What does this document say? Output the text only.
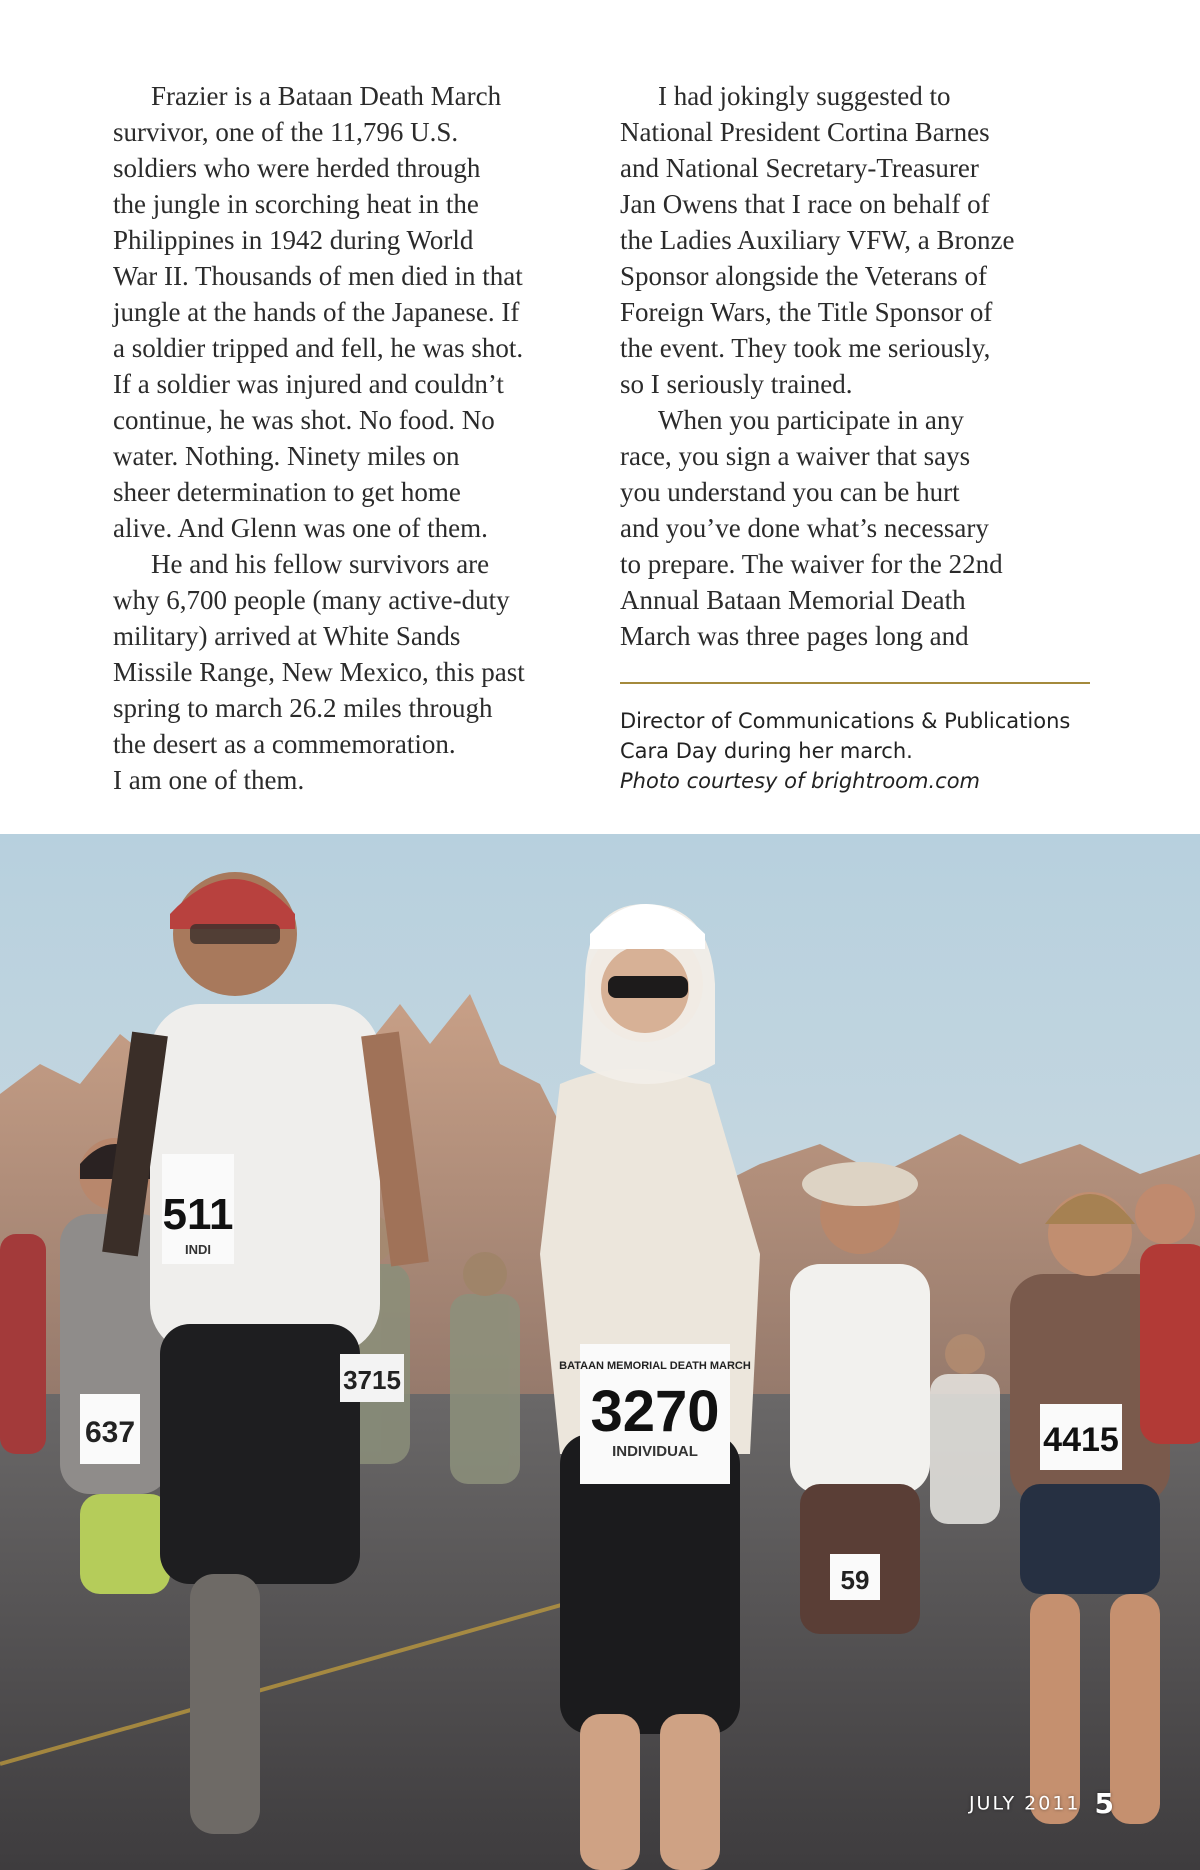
Frazier is a Bataan Death March
survivor, one of the 11,796 U.S.
soldiers who were herded through
the jungle in scorching heat in the
Philippines in 1942 during World
War II. Thousands of men died in that
jungle at the hands of the Japanese. If
a soldier tripped and fell, he was shot.
If a soldier was injured and couldn’t
continue, he was shot. No food. No
water. Nothing. Ninety miles on
sheer determination to get home
alive. And Glenn was one of them.
He and his fellow survivors are
why 6,700 people (many active-duty
military) arrived at White Sands
Missile Range, New Mexico, this past
spring to march 26.2 miles through
the desert as a commemoration.
I am one of them.
I had jokingly suggested to
National President Cortina Barnes
and National Secretary-Treasurer
Jan Owens that I race on behalf of
the Ladies Auxiliary VFW, a Bronze
Sponsor alongside the Veterans of
Foreign Wars, the Title Sponsor of
the event. They took me seriously,
so I seriously trained.
When you participate in any
race, you sign a waiver that says
you understand you can be hurt
and you’ve done what’s necessary
to prepare. The waiver for the 22nd
Annual Bataan Memorial Death
March was three pages long and
Director of Communications & Publications
Cara Day during her march.
Photo courtesy of brightroom.com
637
511
INDI
3715	BATAAN MEMORIAL DEATH MARCH
3270
INDIVIDUAL
59
4415
JULY 2011 5
